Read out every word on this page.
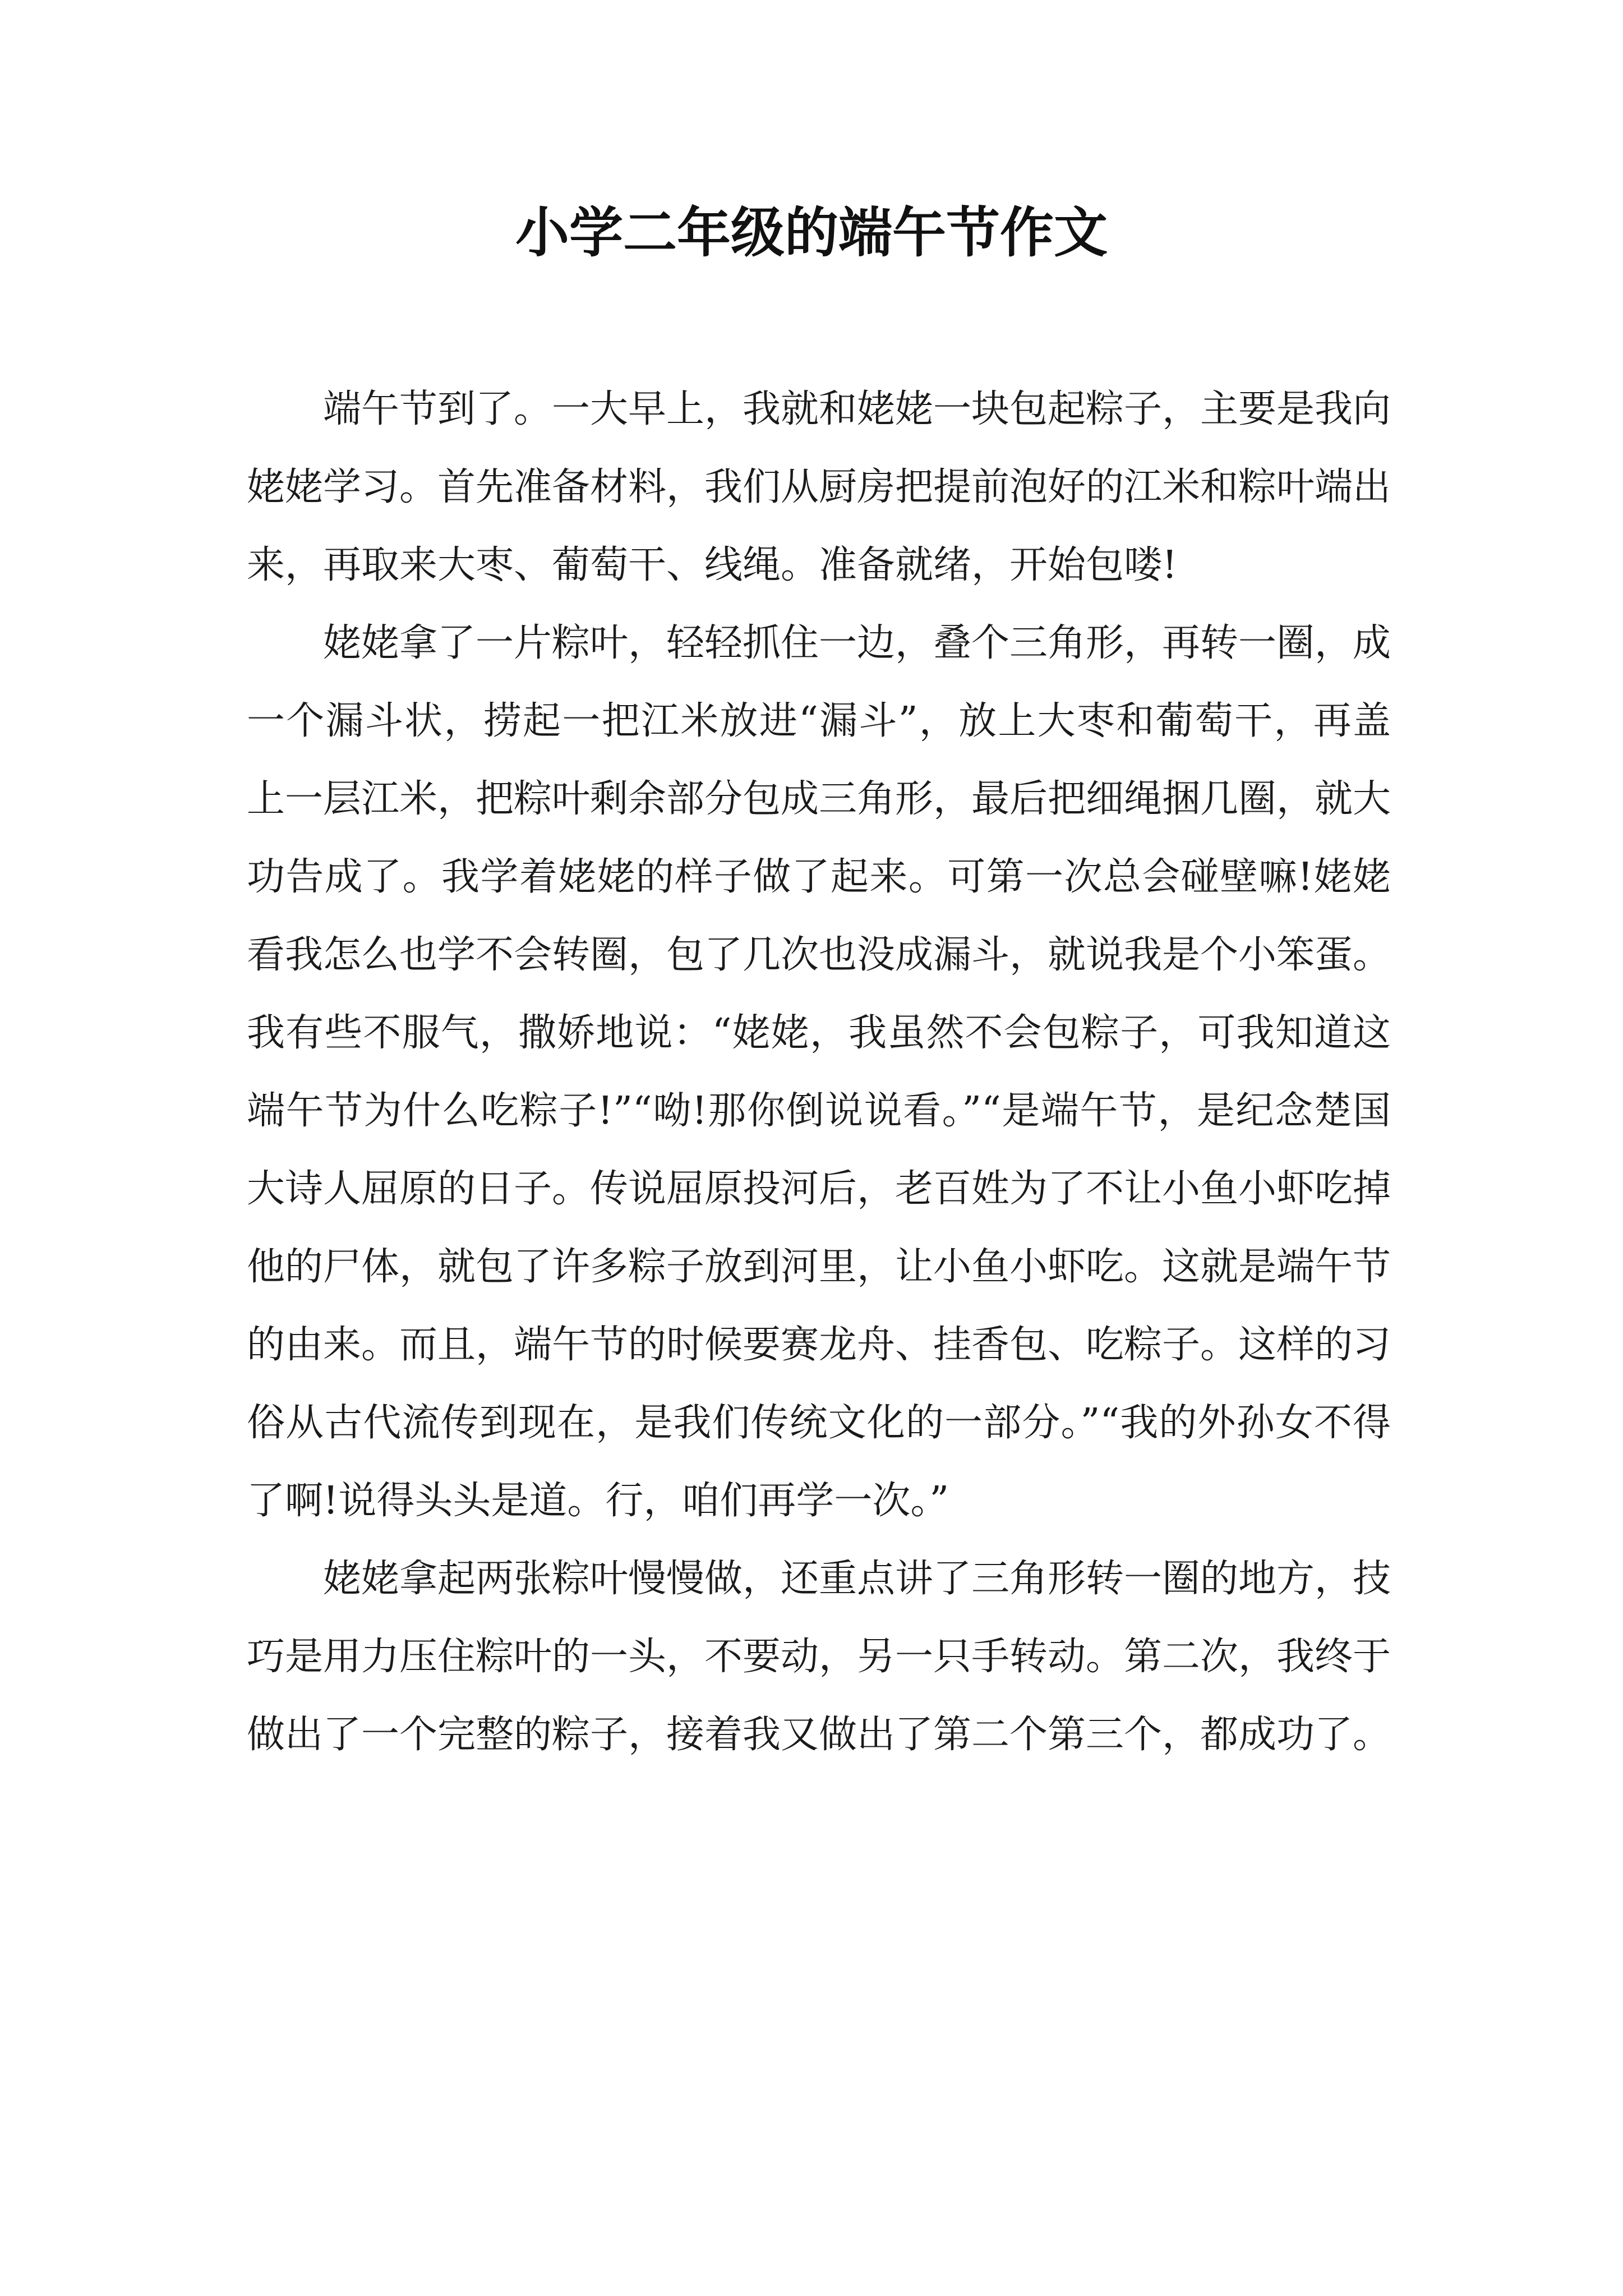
小学二年级的端午节作文

端午节到了。一大早上，我就和姥姥一块包起粽子，主要是我向姥姥学习。首先准备材料，我们从厨房把提前泡好的江米和粽叶端出来，再取来大枣、葡萄干、线绳。准备就绪，开始包喽!

姥姥拿了一片粽叶，轻轻抓住一边，叠个三角形，再转一圈，成一个漏斗状，捞起一把江米放进“漏斗”，放上大枣和葡萄干，再盖上一层江米，把粽叶剩余部分包成三角形，最后把细绳捆几圈，就大功告成了。我学着姥姥的样子做了起来。可第一次总会碰壁嘛!姥姥看我怎么也学不会转圈，包了几次也没成漏斗，就说我是个小笨蛋。我有些不服气，撒娇地说：“姥姥，我虽然不会包粽子，可我知道这端午节为什么吃粽子!”“呦!那你倒说说看。”“是端午节，是纪念楚国大诗人屈原的日子。传说屈原投河后，老百姓为了不让小鱼小虾吃掉他的尸体，就包了许多粽子放到河里，让小鱼小虾吃。这就是端午节的由来。而且，端午节的时候要赛龙舟、挂香包、吃粽子。这样的习俗从古代流传到现在，是我们传统文化的一部分。”“我的外孙女不得了啊!说得头头是道。行，咱们再学一次。”

姥姥拿起两张粽叶慢慢做，还重点讲了三角形转一圈的地方，技巧是用力压住粽叶的一头，不要动，另一只手转动。第二次，我终于做出了一个完整的粽子，接着我又做出了第二个第三个，都成功了。
